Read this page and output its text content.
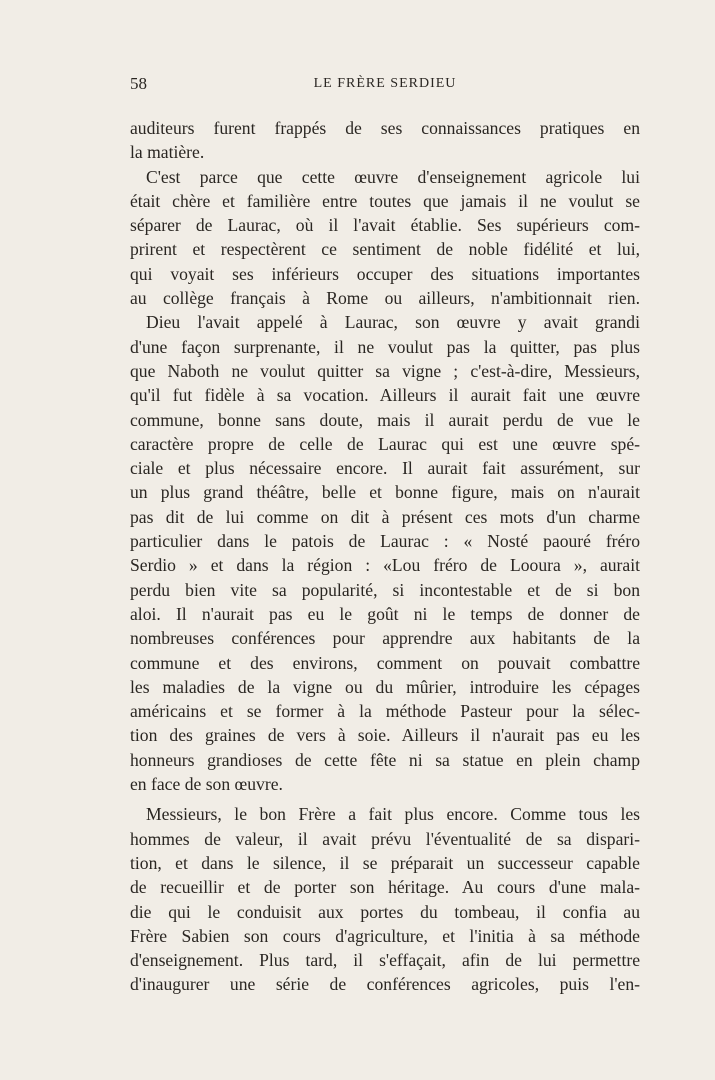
58	LE FRÈRE SERDIEU
auditeurs furent frappés de ses connaissances pratiques en
la matière.
C'est parce que cette œuvre d'enseignement agricole lui
était chère et familière entre toutes que jamais il ne voulut se
séparer de Laurac, où il l'avait établie. Ses supérieurs com-
prirent et respectèrent ce sentiment de noble fidélité et lui,
qui voyait ses inférieurs occuper des situations importantes
au collège français à Rome ou ailleurs, n'ambitionnait rien.
Dieu l'avait appelé à Laurac, son œuvre y avait grandi
d'une façon surprenante, il ne voulut pas la quitter, pas plus
que Naboth ne voulut quitter sa vigne ; c'est-à-dire, Messieurs,
qu'il fut fidèle à sa vocation. Ailleurs il aurait fait une œuvre
commune, bonne sans doute, mais il aurait perdu de vue le
caractère propre de celle de Laurac qui est une œuvre spé-
ciale et plus nécessaire encore. Il aurait fait assurément, sur
un plus grand théâtre, belle et bonne figure, mais on n'aurait
pas dit de lui comme on dit à présent ces mots d'un charme
particulier dans le patois de Laurac : « Nosté paouré fréro
Serdio » et dans la région : «Lou fréro de Looura », aurait
perdu bien vite sa popularité, si incontestable et de si bon
aloi. Il n'aurait pas eu le goût ni le temps de donner de
nombreuses conférences pour apprendre aux habitants de la
commune et des environs, comment on pouvait combattre
les maladies de la vigne ou du mûrier, introduire les cépages
américains et se former à la méthode Pasteur pour la sélec-
tion des graines de vers à soie. Ailleurs il n'aurait pas eu les
honneurs grandioses de cette fête ni sa statue en plein champ
en face de son œuvre.
Messieurs, le bon Frère a fait plus encore. Comme tous les
hommes de valeur, il avait prévu l'éventualité de sa dispari-
tion, et dans le silence, il se préparait un successeur capable
de recueillir et de porter son héritage. Au cours d'une mala-
die qui le conduisit aux portes du tombeau, il confia au
Frère Sabien son cours d'agriculture, et l'initia à sa méthode
d'enseignement. Plus tard, il s'effaçait, afin de lui permettre
d'inaugurer une série de conférences agricoles, puis l'en-
